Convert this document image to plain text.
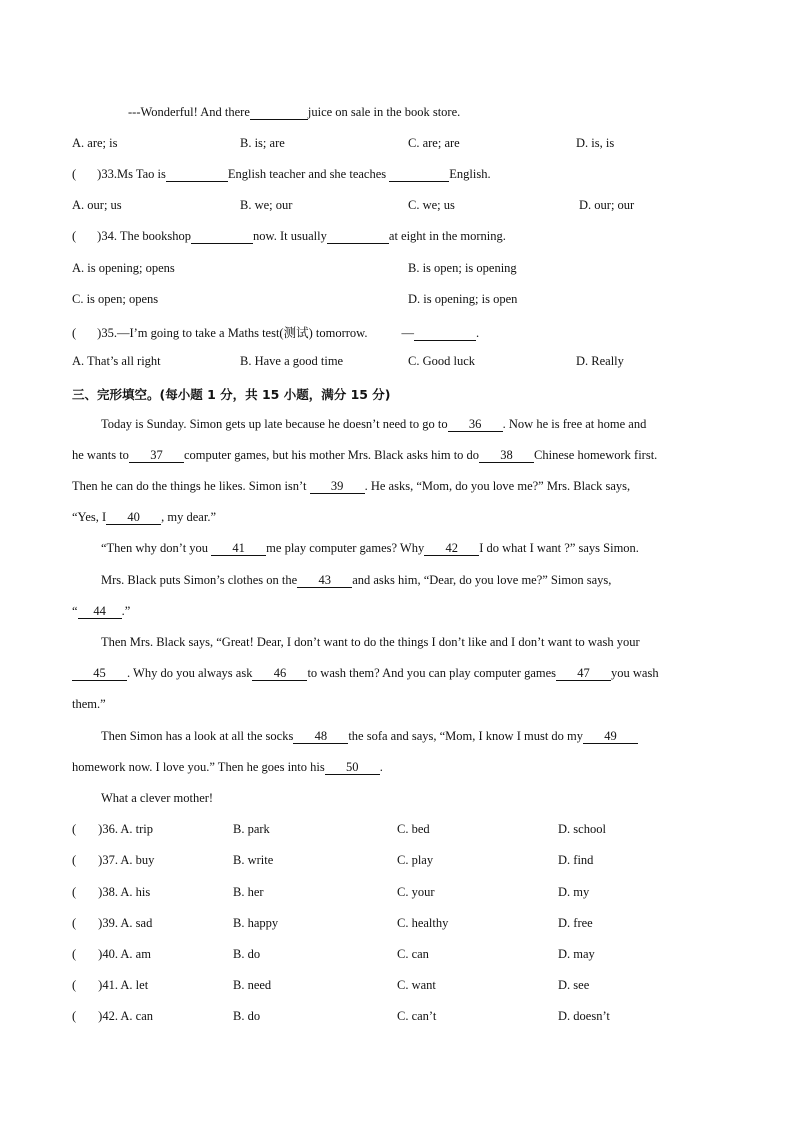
---Wonderful! And there	juice on sale in the book store.
A. are; is	B. is; are	C. are; are	D. is, is
( )33.Ms Tao is	English teacher and she teaches	English.
A. our; us	B. we; our	C. we; us	D. our; our
( )34. The bookshop	now. It usually	at eight in the morning.
A. is opening; opens	B. is open; is opening
C. is open; opens	D. is opening; is open
( )35.—I’m going to take a Maths test(测试) tomorrow.	—	.
A. That’s all right	B. Have a good time	C. Good luck	D. Really
三、完形填空。(每小题 1 分，共 15 小题，满分 15 分)
Today is Sunday. Simon gets up late because he doesn’t need to go to 36 . Now he is free at home and
he wants to 37 computer games, but his mother Mrs. Black asks him to do 38 Chinese homework first.
Then he can do the things he likes. Simon isn’t 39 . He asks, “Mom, do you love me?” Mrs. Black says,
“Yes, I 40 , my dear.”
“Then why don’t you 41 me play computer games? Why 42 I do what I want ?” says Simon.
Mrs. Black puts Simon’s clothes on the 43 and asks him, “Dear, do you love me?” Simon says,
“ 44 .”
Then Mrs. Black says, “Great! Dear, I don’t want to do the things I don’t like and I don’t want to wash your
45 . Why do you always ask 46 to wash them? And you can play computer games 47 you wash
them.”
Then Simon has a look at all the socks 48 the sofa and says, “Mom, I know I must do my 49
homework now. I love you.” Then he goes into his 50 .
What a clever mother!
( )36. A. trip	B. park	C. bed	D. school
( )37. A. buy	B. write	C. play	D. find
( )38. A. his	B. her	C. your	D. my
( )39. A. sad	B. happy	C. healthy	D. free
( )40. A. am	B. do	C. can	D. may
( )41. A. let	B. need	C. want	D. see
( )42. A. can	B. do	C. can’t	D. doesn’t
